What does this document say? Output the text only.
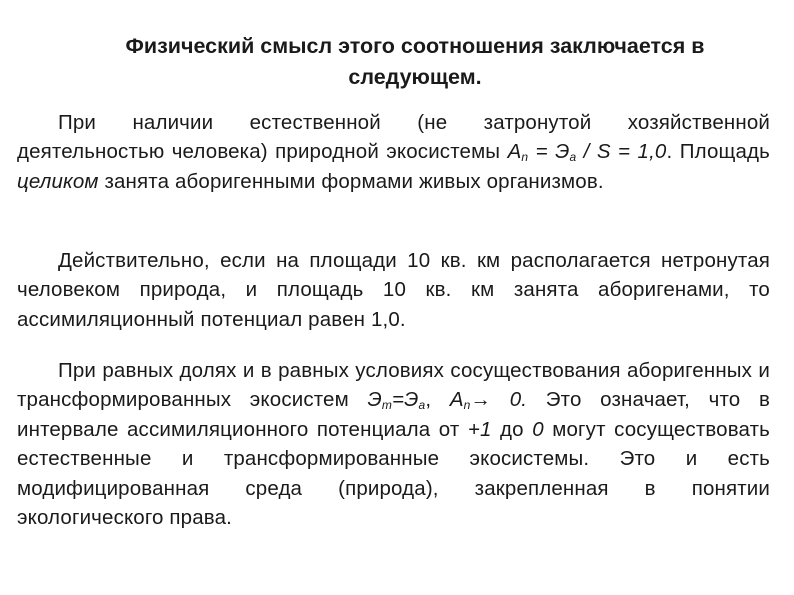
Физический смысл этого соотношения заключается в
следующем.
При наличии естественной (не затронутой хозяйственной деятельностью человека) природной экосистемы $A_n = Э_a / S = 1,0$. Площадь целиком занята аборигенными формами живых организмов.
Действительно, если на площади 10 кв. км располагается нетронутая человеком природа, и площадь 10 кв. км занята аборигенами, то ассимиляционный потенциал равен 1,0.
При равных долях и в равных условиях сосуществования аборигенных и трансформированных экосистем $Э_т=Э_a$, $A_n\to 0$. Это означает, что в интервале ассимиляционного потенциала от +1 до 0 могут сосуществовать естественные и трансформированные экосистемы. Это и есть модифицированная среда (природа), закрепленная в понятии экологического права.
